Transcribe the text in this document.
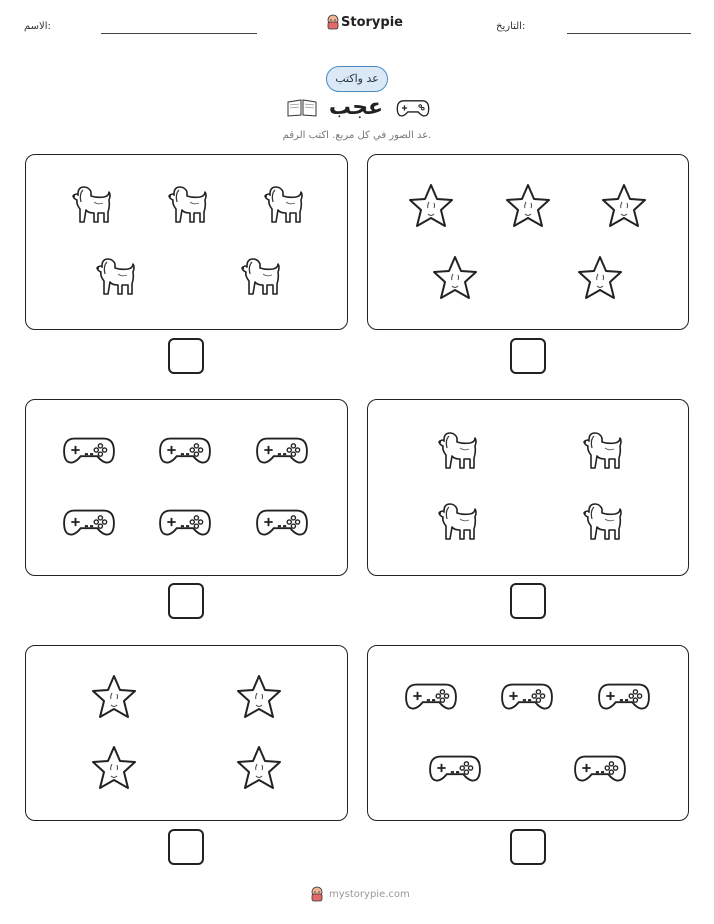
الاسم:	Storypie	التاريخ:
عد واكتب
عجب
عد الصور في كل مربع. اكتب الرقم.
mystorypie.com
